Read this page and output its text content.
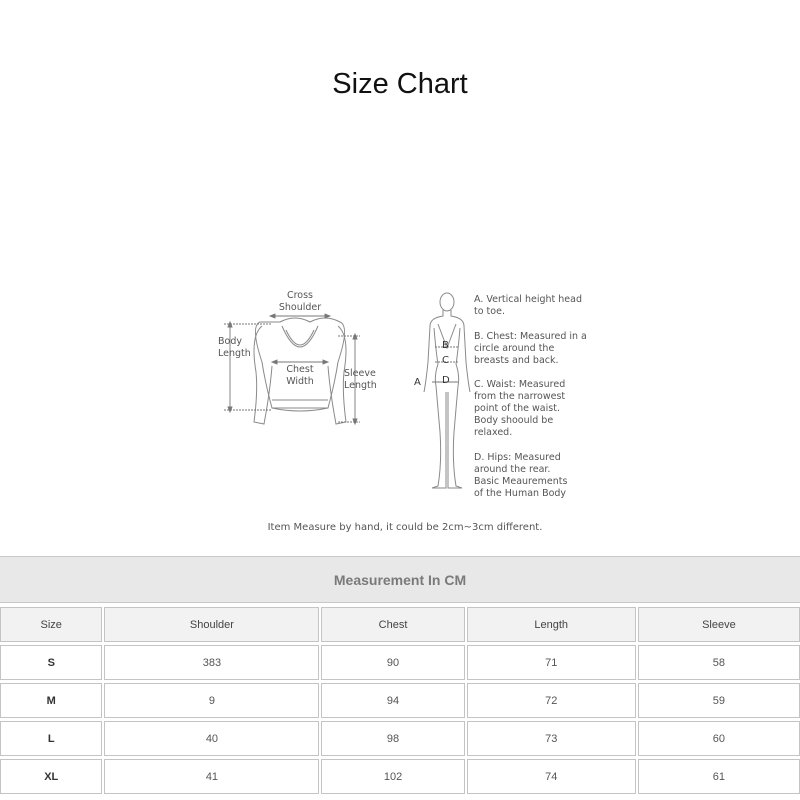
Size Chart
Cross
Shoulder
Body
Length
Chest
Width
Sleeve
Length	A
B
C
D
A. Vertical height head
to toe.
B. Chest: Measured in a
circle around the
breasts and back.
C. Waist: Measured
from the narrowest
point of the waist.
Body shoould be
relaxed.
D. Hips: Measured
around the rear.
Basic Meaurements
of the Human Body
Item Measure by hand, it could be 2cm~3cm different.
Measurement In CM
Size	Shoulder	Chest	Length	Sleeve
S	383	90	71	58
M	9	94	72	59
L	40	98	73	60
XL	41	102	74	61
